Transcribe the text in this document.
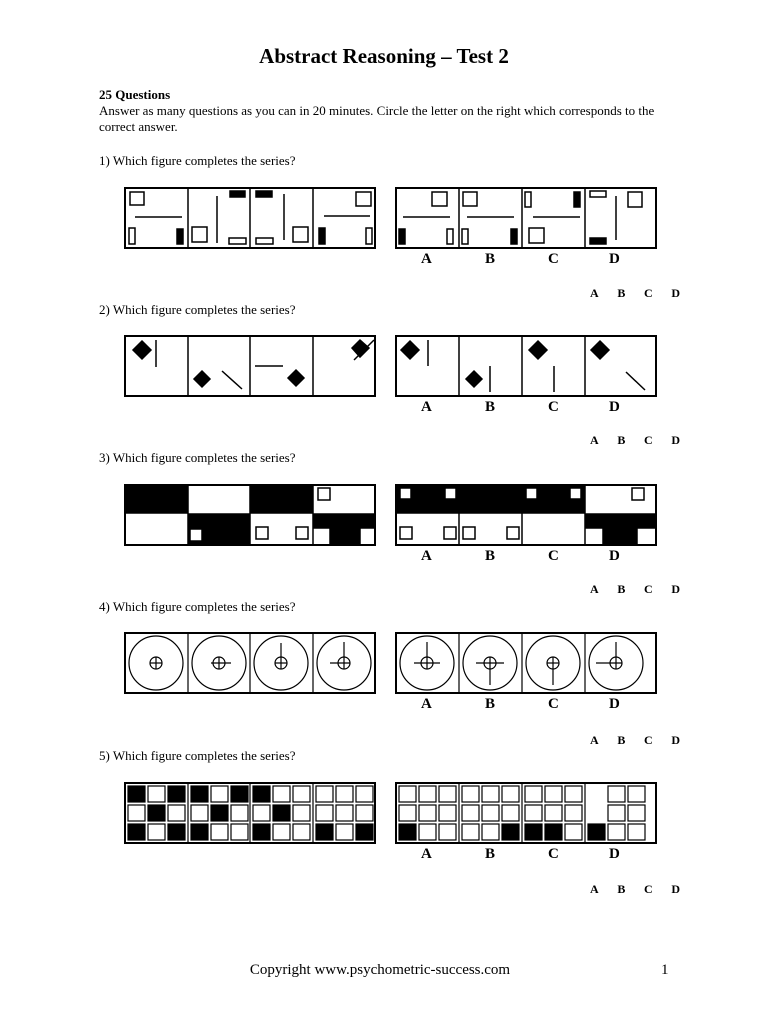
Abstract Reasoning – Test 2
25 Questions
Answer as many questions as you can in 20 minutes. Circle the letter on the right which corresponds to the correct answer.
1) Which figure completes the series?
2) Which figure completes the series?
3) Which figure completes the series?
4) Which figure completes the series?
5) Which figure completes the series?
A B C D
A B C D
A B C D
A B C D
A B C D
A	B	C	D
A	B	C	D
A	B	C	D
A	B	C	D
A	B	C	D
Copyright www.psychometric-success.com	1
